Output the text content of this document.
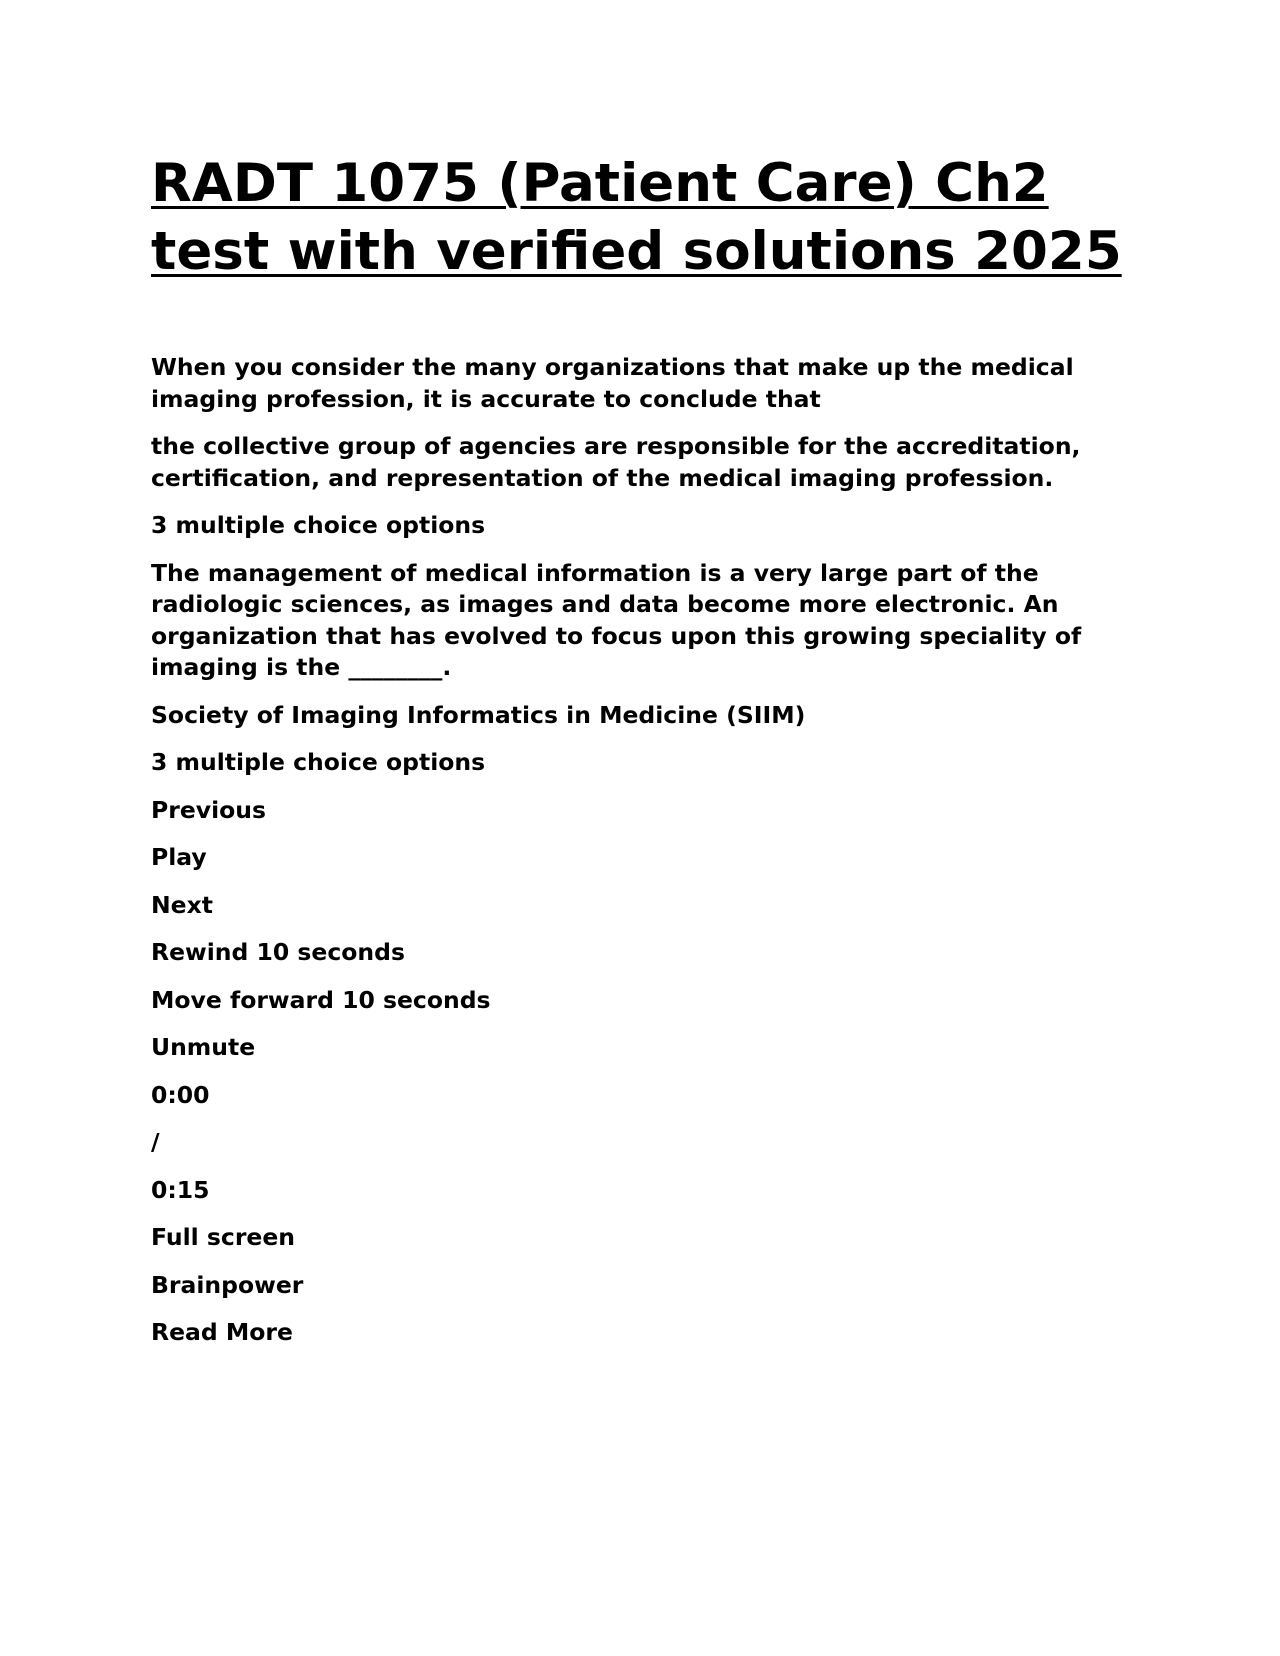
RADT 1075 (Patient Care) Ch2 test with verified solutions 2025

When you consider the many organizations that make up the medical imaging profession, it is accurate to conclude that

the collective group of agencies are responsible for the accreditation, certification, and representation of the medical imaging profession.

3 multiple choice options

The management of medical information is a very large part of the radiologic sciences, as images and data become more electronic. An organization that has evolved to focus upon this growing speciality of imaging is the ________.

Society of Imaging Informatics in Medicine (SIIM)

3 multiple choice options

Previous

Play

Next

Rewind 10 seconds

Move forward 10 seconds

Unmute

0:00

/

0:15

Full screen

Brainpower

Read More
